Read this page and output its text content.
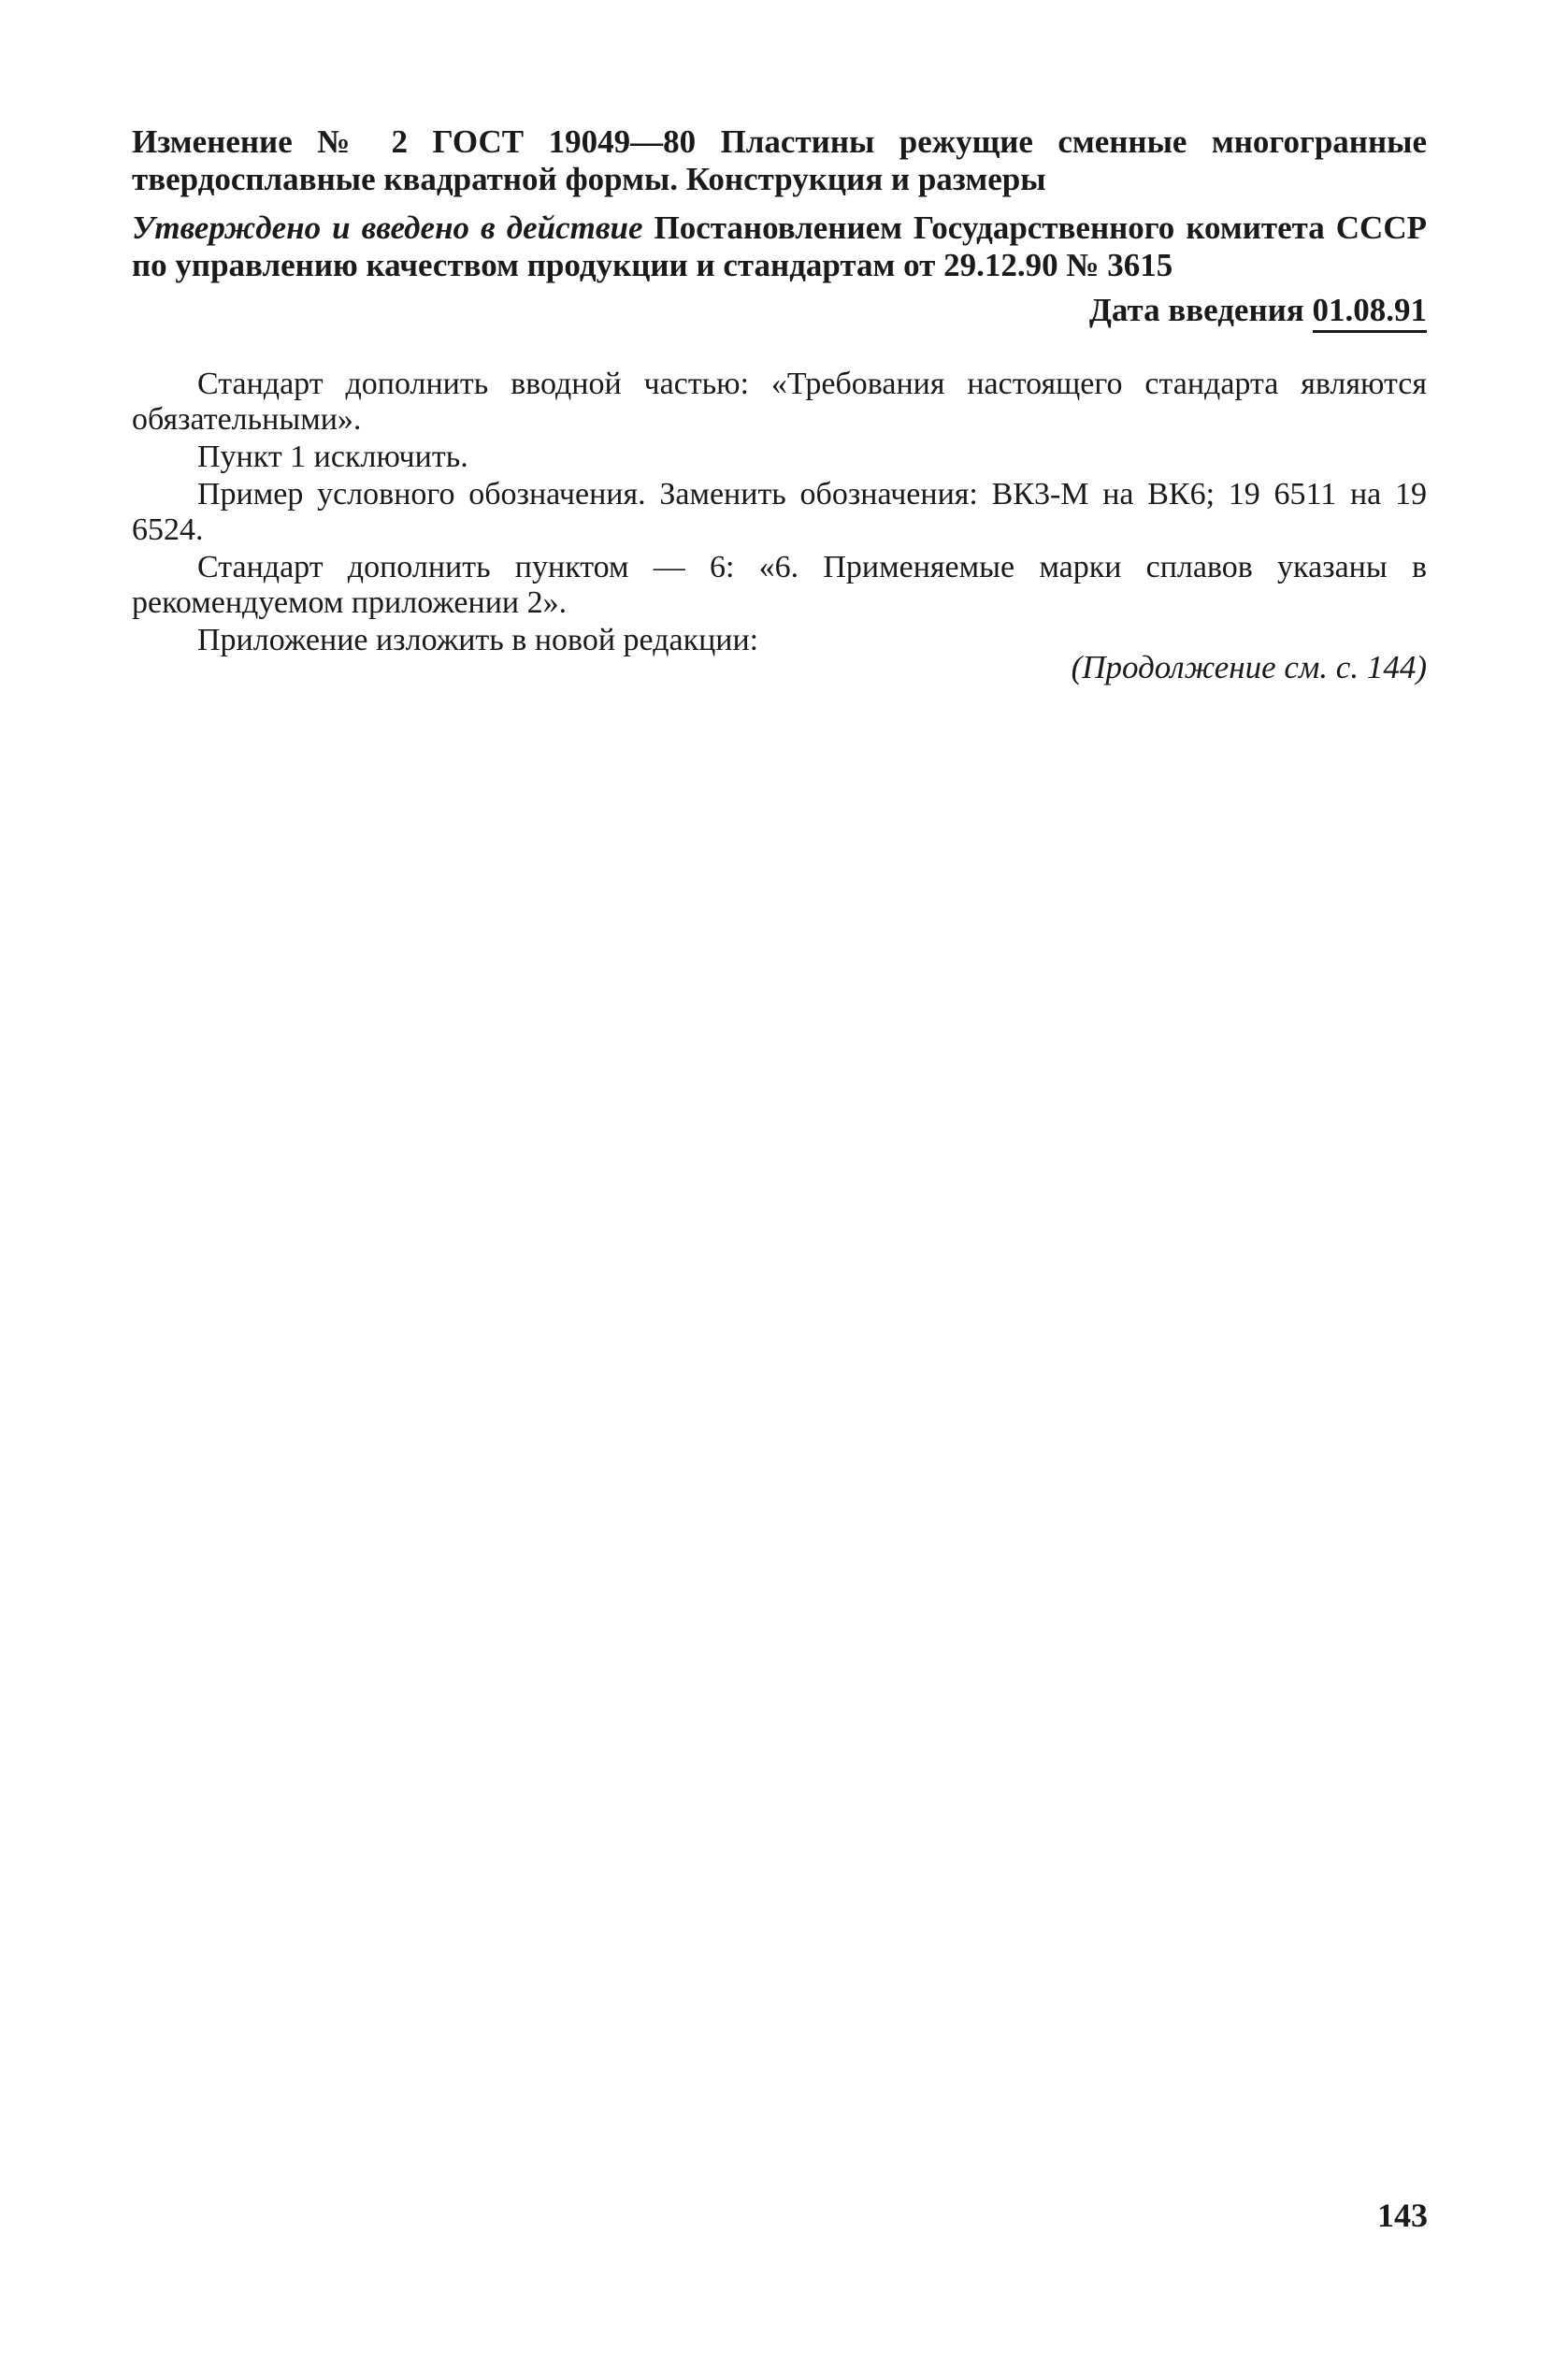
Изменение № 2 ГОСТ 19049—80 Пластины режущие сменные многогранные твердосплавные квадратной формы. Конструкция и размеры
Утверждено и введено в действие Постановлением Государственного комитета СССР по управлению качеством продукции и стандартам от 29.12.90 № 3615
Дата введения 01.08.91

Стандарт дополнить вводной частью: «Требования настоящего стандарта являются обязательными».

Пункт 1 исключить.

Пример условного обозначения. Заменить обозначения: ВК3-М на ВК6; 19 6511 на 19 6524.

Стандарт дополнить пунктом — 6: «6. Применяемые марки сплавов указаны в рекомендуемом приложении 2».

Приложение изложить в новой редакции:

(Продолжение см. с. 144)
143
